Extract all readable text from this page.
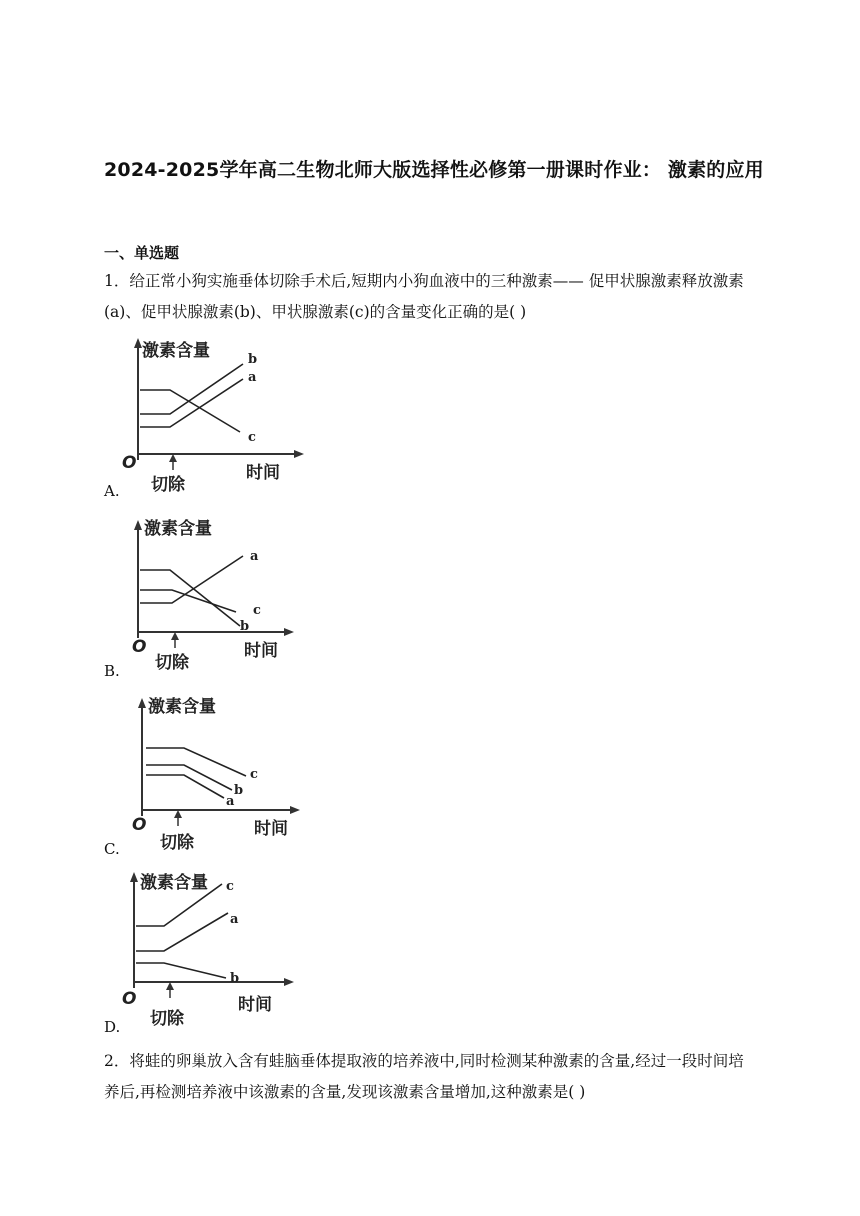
2024-2025学年高二生物北师大版选择性必修第一册课时作业： 激素的应用
一、单选题
1．给正常小狗实施垂体切除手术后,短期内小狗血液中的三种激素—— 促甲状腺激素释放激素(a)、促甲状腺激素(b)、甲状腺激素(c)的含量变化正确的是( )
激素含量
O	时间
切除
b
a
c
A.
激素含量
O	时间
切除
a
c
b
B.
激素含量
O	时间
切除
c
b
a
C.
激素含量
O	时间
切除
c
a
b
D.
2．将蛙的卵巢放入含有蛙脑垂体提取液的培养液中,同时检测某种激素的含量,经过一段时间培养后,再检测培养液中该激素的含量,发现该激素含量增加,这种激素是( )
